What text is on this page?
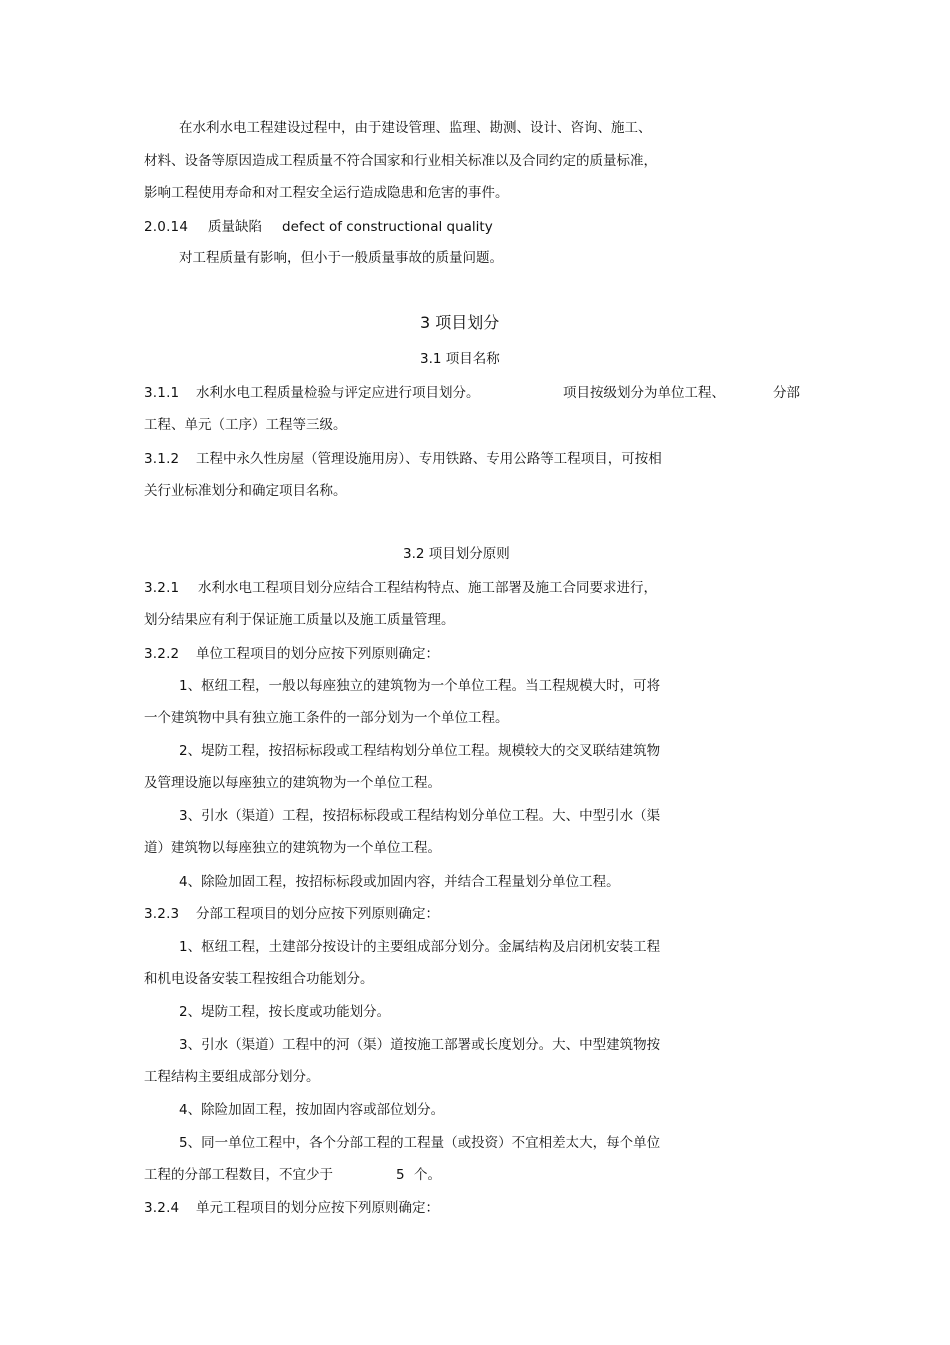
在水利水电工程建设过程中，由于建设管理、监理、勘测、设计、咨询、施工、
材料、设备等原因造成工程质量不符合国家和行业相关标准以及合同约定的质量标准，
影响工程使用寿命和对工程安全运行造成隐患和危害的事件。
2.0.14 质量缺陷 defect of constructional quality
对工程质量有影响，但小于一般质量事故的质量问题。
3 项目划分
3.1 项目名称
3.1.1 水利水电工程质量检验与评定应进行项目划分。	项目按级划分为单位工程、	分部
工程、单元（工序）工程等三级。
3.1.2 工程中永久性房屋（管理设施用房）、专用铁路、专用公路等工程项目，可按相
关行业标准划分和确定项目名称。
3.2 项目划分原则
3.2.1 水利水电工程项目划分应结合工程结构特点、施工部署及施工合同要求进行，
划分结果应有利于保证施工质量以及施工质量管理。
3.2.2 单位工程项目的划分应按下列原则确定：
1、枢纽工程，一般以每座独立的建筑物为一个单位工程。当工程规模大时，可将
一个建筑物中具有独立施工条件的一部分划为一个单位工程。
2、堤防工程，按招标标段或工程结构划分单位工程。规模较大的交叉联结建筑物
及管理设施以每座独立的建筑物为一个单位工程。
3、引水（渠道）工程，按招标标段或工程结构划分单位工程。大、中型引水（渠
道）建筑物以每座独立的建筑物为一个单位工程。
4、除险加固工程，按招标标段或加固内容，并结合工程量划分单位工程。
3.2.3 分部工程项目的划分应按下列原则确定：
1、枢纽工程，土建部分按设计的主要组成部分划分。金属结构及启闭机安装工程
和机电设备安装工程按组合功能划分。
2、堤防工程，按长度或功能划分。
3、引水（渠道）工程中的河（渠）道按施工部署或长度划分。大、中型建筑物按
工程结构主要组成部分划分。
4、除险加固工程，按加固内容或部位划分。
5、同一单位工程中，各个分部工程的工程量（或投资）不宜相差太大，每个单位
工程的分部工程数目，不宜少于	5 个。
3.2.4 单元工程项目的划分应按下列原则确定：
